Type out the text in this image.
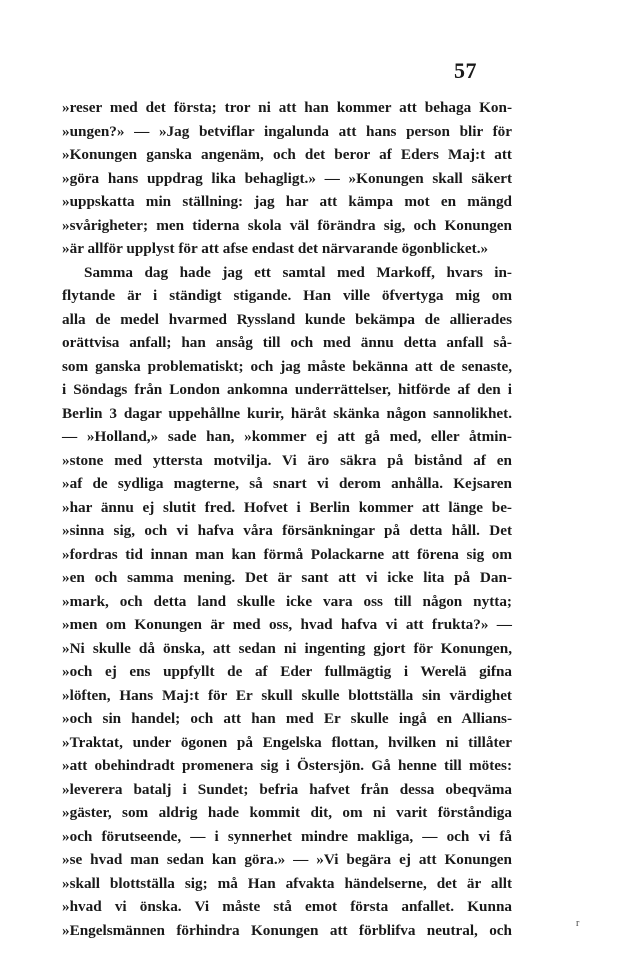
57
»reser med det första; tror ni att han kommer att behaga Kon-
»ungen?» — »Jag betviflar ingalunda att hans person blir för
»Konungen ganska angenäm, och det beror af Eders Maj:t att
»göra hans uppdrag lika behagligt.» — »Konungen skall säkert
»uppskatta min ställning: jag har att kämpa mot en mängd
»svårigheter; men tiderna skola väl förändra sig, och Konungen
»är allför upplyst för att afse endast det närvarande ögonblicket.»
Samma dag hade jag ett samtal med Markoff, hvars in-
flytande är i ständigt stigande. Han ville öfvertyga mig om
alla de medel hvarmed Ryssland kunde bekämpa de allierades
orättvisa anfall; han ansåg till och med ännu detta anfall så-
som ganska problematiskt; och jag måste bekänna att de senaste,
i Söndags från London ankomna underrättelser, hitförde af den i
Berlin 3 dagar uppehållne kurir, häråt skänka någon sannolikhet.
— »Holland,» sade han, »kommer ej att gå med, eller åtmin-
»stone med yttersta motvilja. Vi äro säkra på bistånd af en
»af de sydliga magterne, så snart vi derom anhålla. Kejsaren
»har ännu ej slutit fred. Hofvet i Berlin kommer att länge be-
»sinna sig, och vi hafva våra försänkningar på detta håll. Det
»fordras tid innan man kan förmå Polackarne att förena sig om
»en och samma mening. Det är sant att vi icke lita på Dan-
»mark, och detta land skulle icke vara oss till någon nytta;
»men om Konungen är med oss, hvad hafva vi att frukta?» —
»Ni skulle då önska, att sedan ni ingenting gjort för Konungen,
»och ej ens uppfyllt de af Eder fullmägtig i Werelä gifna
»löften, Hans Maj:t för Er skull skulle blottställa sin värdighet
»och sin handel; och att han med Er skulle ingå en Allians-
»Traktat, under ögonen på Engelska flottan, hvilken ni tillåter
»att obehindradt promenera sig i Östersjön. Gå henne till mötes:
»leverera batalj i Sundet; befria hafvet från dessa obeqväma
»gäster, som aldrig hade kommit dit, om ni varit förståndiga
»och förutseende, — i synnerhet mindre makliga, — och vi få
»se hvad man sedan kan göra.» — »Vi begära ej att Konungen
»skall blottställa sig; må Han afvakta händelserne, det är allt
»hvad vi önska. Vi måste stå emot första anfallet. Kunna
»Engelsmännen förhindra Konungen att förblifva neutral, och	r
